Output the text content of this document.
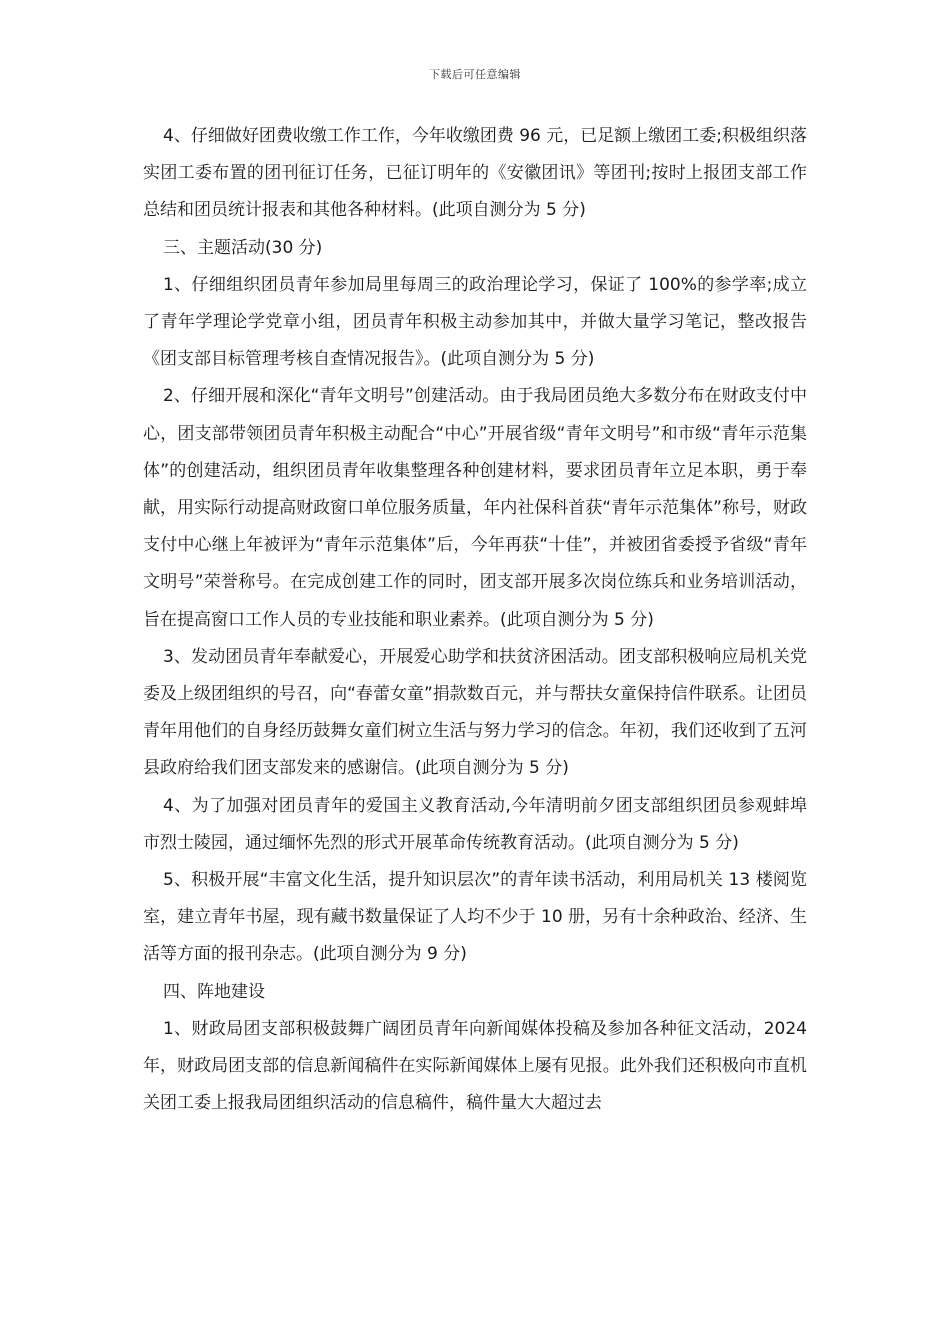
下载后可任意编辑

4、仔细做好团费收缴工作工作，今年收缴团费 96 元，已足额上缴团工委;积极组织落实团工委布置的团刊征订任务，已征订明年的《安徽团讯》等团刊;按时上报团支部工作总结和团员统计报表和其他各种材料。(此项自测分为 5 分)

三、主题活动(30 分)

1、仔细组织团员青年参加局里每周三的政治理论学习，保证了 100%的参学率;成立了青年学理论学党章小组，团员青年积极主动参加其中，并做大量学习笔记，整改报告《团支部目标管理考核自查情况报告》。(此项自测分为 5 分)

2、仔细开展和深化“青年文明号”创建活动。由于我局团员绝大多数分布在财政支付中心，团支部带领团员青年积极主动配合“中心”开展省级“青年文明号”和市级“青年示范集体”的创建活动，组织团员青年收集整理各种创建材料，要求团员青年立足本职，勇于奉献，用实际行动提高财政窗口单位服务质量，年内社保科首获“青年示范集体”称号，财政支付中心继上年被评为“青年示范集体”后，今年再获“十佳”，并被团省委授予省级“青年文明号”荣誉称号。在完成创建工作的同时，团支部开展多次岗位练兵和业务培训活动，旨在提高窗口工作人员的专业技能和职业素养。(此项自测分为 5 分)

3、发动团员青年奉献爱心，开展爱心助学和扶贫济困活动。团支部积极响应局机关党委及上级团组织的号召，向“春蕾女童”捐款数百元，并与帮扶女童保持信件联系。让团员青年用他们的自身经历鼓舞女童们树立生活与努力学习的信念。年初，我们还收到了五河县政府给我们团支部发来的感谢信。(此项自测分为 5 分)

4、为了加强对团员青年的爱国主义教育活动,今年清明前夕团支部组织团员参观蚌埠市烈士陵园，通过缅怀先烈的形式开展革命传统教育活动。(此项自测分为 5 分)

5、积极开展“丰富文化生活，提升知识层次”的青年读书活动，利用局机关 13 楼阅览室，建立青年书屋，现有藏书数量保证了人均不少于 10 册，另有十余种政治、经济、生活等方面的报刊杂志。(此项自测分为 9 分)

四、阵地建设

1、财政局团支部积极鼓舞广阔团员青年向新闻媒体投稿及参加各种征文活动，2024 年，财政局团支部的信息新闻稿件在实际新闻媒体上屡有见报。此外我们还积极向市直机关团工委上报我局团组织活动的信息稿件，稿件量大大超过去
